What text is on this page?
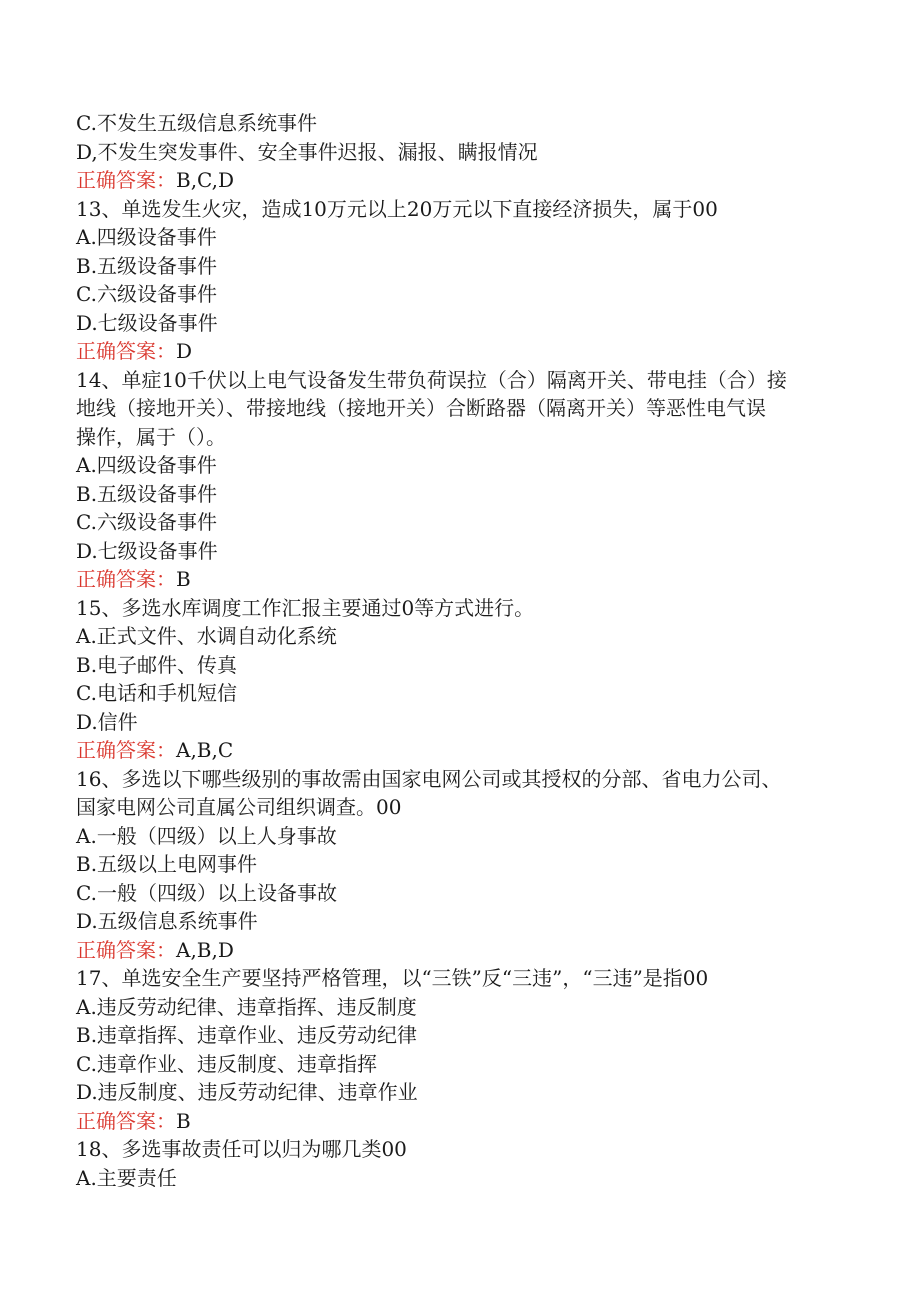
C.不发生五级信息系统事件
D,不发生突发事件、安全事件迟报、漏报、瞒报情况
正确答案：B,C,D
13、单选发生火灾，造成10万元以上20万元以下直接经济损失，属于00
A.四级设备事件
B.五级设备事件
C.六级设备事件
D.七级设备事件
正确答案：D
14、单症10千伏以上电气设备发生带负荷误拉（合）隔离开关、带电挂（合）接
地线（接地开关）、带接地线（接地开关）合断路器（隔离开关）等恶性电气误
操作，属于（）。
A.四级设备事件
B.五级设备事件
C.六级设备事件
D.七级设备事件
正确答案：B
15、多选水库调度工作汇报主要通过0等方式进行。
A.正式文件、水调自动化系统
B.电子邮件、传真
C.电话和手机短信
D.信件
正确答案：A,B,C
16、多选以下哪些级别的事故需由国家电网公司或其授权的分部、省电力公司、
国家电网公司直属公司组织调查。00
A.一般（四级）以上人身事故
B.五级以上电网事件
C.一般（四级）以上设备事故
D.五级信息系统事件
正确答案：A,B,D
17、单选安全生产要坚持严格管理，以“三铁”反“三违”，“三违”是指00
A.违反劳动纪律、违章指挥、违反制度
B.违章指挥、违章作业、违反劳动纪律
C.违章作业、违反制度、违章指挥
D.违反制度、违反劳动纪律、违章作业
正确答案：B
18、多选事故责任可以归为哪几类00
A.主要责任
